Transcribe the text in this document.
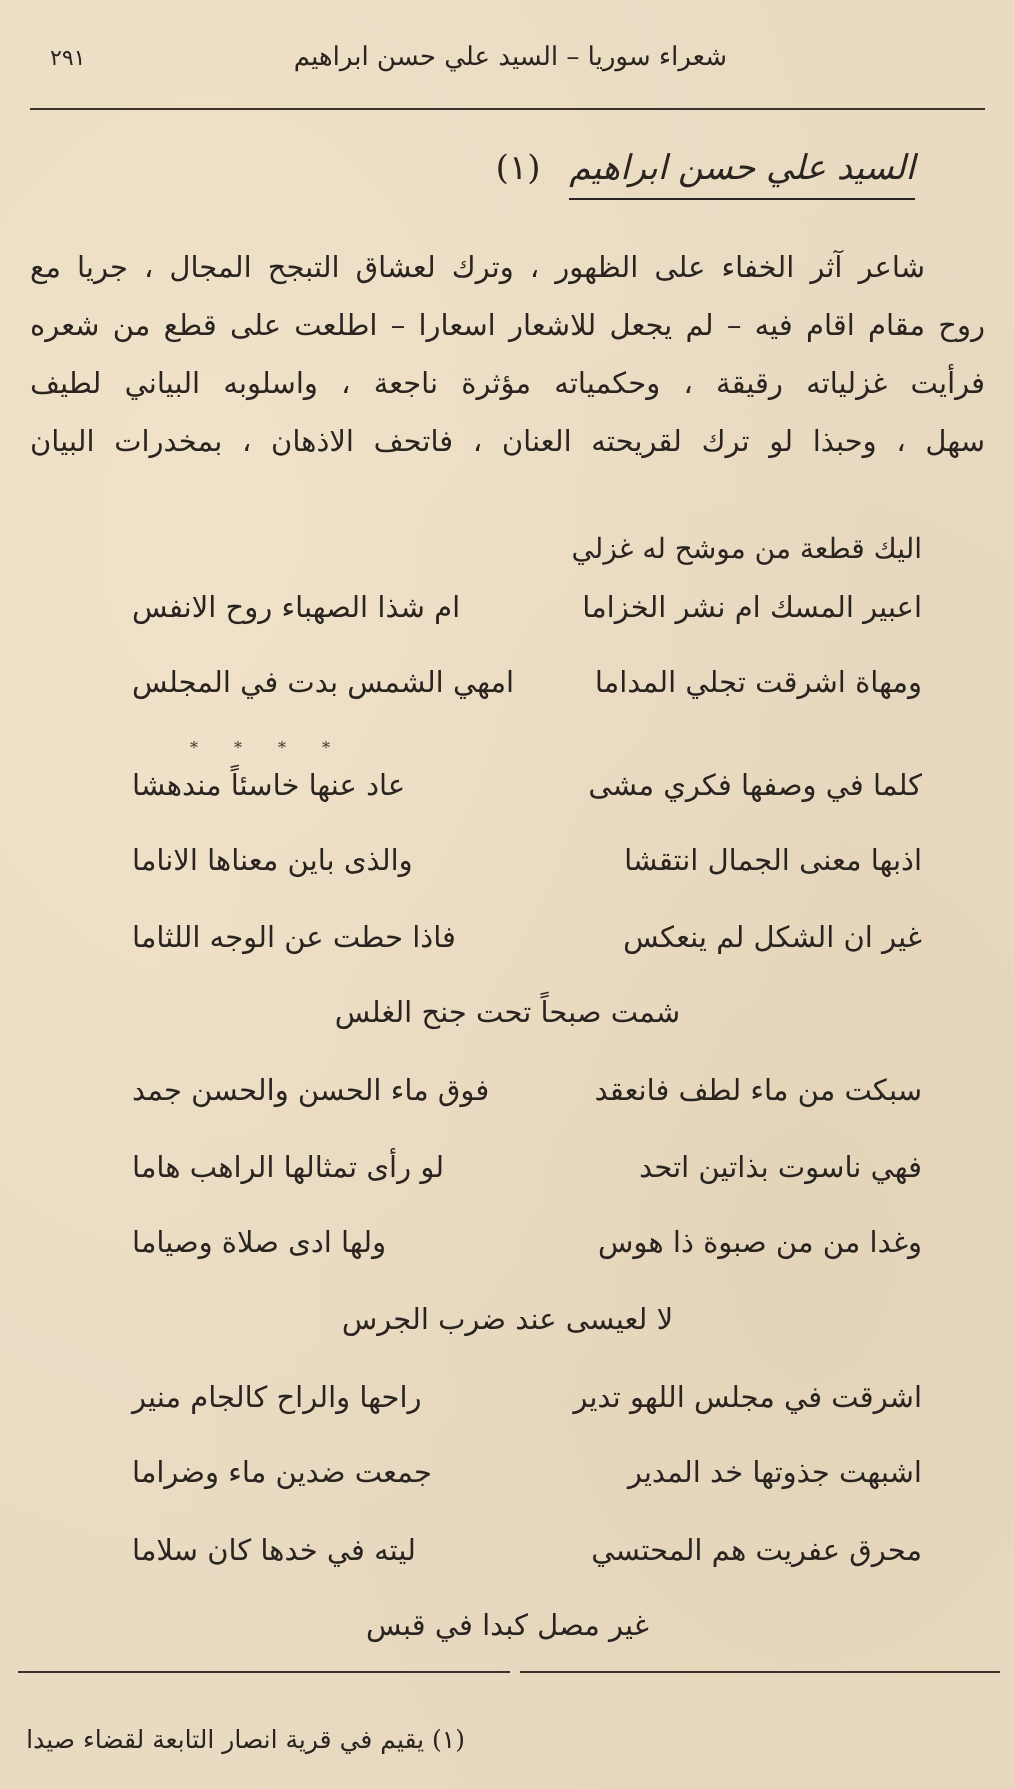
شعراء سوريا – السيد علي حسن ابراهيم
٢٩١
السيد علي حسن ابراهيم (١)
شاعر آثر الخفاء على الظهور ، وترك لعشاق التبجح المجال ، جريا مع
روح مقام اقام فيه – لم يجعل للاشعار اسعارا – اطلعت على قطع من شعره
فرأيت غزلياته رقيقة ، وحكمياته مؤثرة ناجعة ، واسلوبه البياني لطيف
سهل ، وحبذا لو ترك لقريحته العنان ، فاتحف الاذهان ، بمخدرات البيان
اليك قطعة من موشح له غزلي
اعبير المسك ام نشر الخزاما
ام شذا الصهباء روح الانفس
ومهاة اشرقت تجلي المداما
امهي الشمس بدت في المجلس
*
*
*
*
كلما في وصفها فكري مشى
عاد عنها خاسئاً مندهشا
اذبها معنى الجمال انتقشا
والذى باين معناها الاناما
غير ان الشكل لم ينعكس
فاذا حطت عن الوجه اللثاما
شمت صبحاً تحت جنح الغلس
سبكت من ماء لطف فانعقد
فوق ماء الحسن والحسن جمد
فهي ناسوت بذاتين اتحد
لو رأى تمثالها الراهب هاما
وغدا من من صبوة ذا هوس
ولها ادى صلاة وصياما
لا لعيسى عند ضرب الجرس
اشرقت في مجلس اللهو تدير
راحها والراح كالجام منير
اشبهت جذوتها خد المدير
جمعت ضدين ماء وضراما
محرق عفريت هم المحتسي
ليته في خدها كان سلاما
غير مصل كبدا في قبس
(١) يقيم في قرية انصار التابعة لقضاء صيدا
